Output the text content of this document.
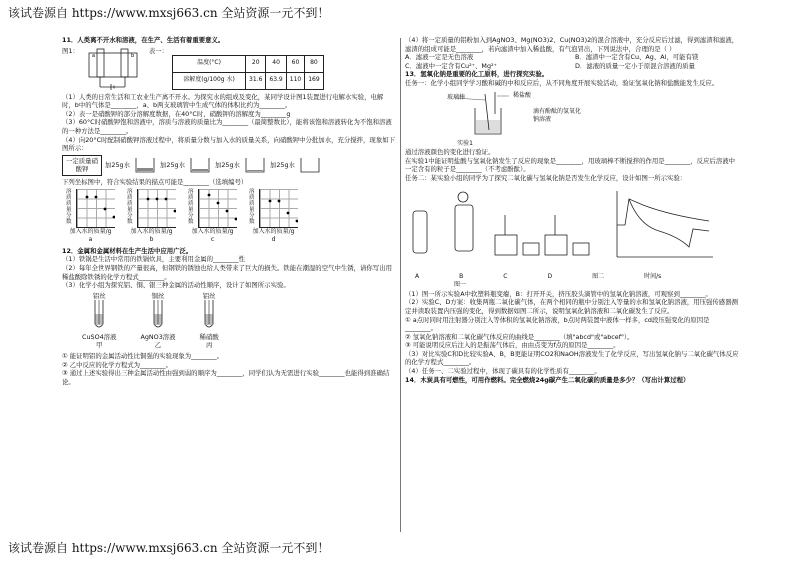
该试卷源自 https://www.mxsj663.cn 全站资源一元不到！

11．人类离不开水和溶液，在生产、生活有着重要意义。

图1：
a	b
表一：
温度(°C)	20	40	60	80
溶解度(g/100g 水)	31.6	63.9	110	169

（1）人类的日常生活和工农业生产离不开水。为探究水的组成及变化，某同学设计图1装置进行电解水实验，电解时，b中的气体是________，a、b两支玻璃管中生成气体的体积比约为________。

（2）表一是硝酸钾的部分溶解度数据，在40°C时，硝酸钾的溶解度为________g

（3）60°C时硝酸钾饱和溶液中，溶质与溶液的质量比为________（最简整数比），能将该饱和溶液转化为不饱和溶液的一种方法是________。

（4）向20°C时配制硝酸钾溶液过程中，将质量分数与加入水的质量关系，向硝酸钾中分批加水，充分搅拌，现象如下图所示：

一定质量硝酸钾
加25g水	加25g水	加25g水	加25g水

下列坐标图中，符合实验结果的描点可能是________（选填编号）

溶质质量分数
加入水的质量/g
a
溶质质量分数
加入水的质量/g
b
溶质质量分数
加入水的质量/g
c
溶质质量分数
加入水的质量/g
d

12．金属和金属材料在生产生活中应用广泛。

（1）铁锅是生活中常用的铁锅炊具，主要利用金属的________性

（2）每年全世界钢铁的产量很高，但钢铁的锈蚀也给人类带来了巨大的损失。铁能在潮湿的空气中生锈，请你写出用稀盐酸除铁锈的化学方程式________。

（3）化学小组为探究铝、铜、银三种金属的活动性顺序，设计了如图所示实验。

铝丝
CuSO4溶液
甲
铜丝
AgNO3溶液
乙
铝丝
稀硝酸
丙

① 能证明铝的金属活动性比铜强的实验现象为________。

② 乙中反应的化学方程式为________。

③ 通过上述实验得出三种金属活动性由强到弱的顺序为________，同学们认为无需进行实验________也能得到准确结论。

（4）将一定质量的铝粉加入到AgNO3、Mg(NO3)2、Cu(NO3)2的混合溶液中，充分反应后过滤，得到滤渣和滤液，滤渣的组成可能是________，若向滤渣中加入稀盐酸，有气泡冒出，下列说法中，合理的是（ ）

A．滤液一定是无色溶液	B．滤渣中一定含有Cu、Ag、Al，可能有镁
C．滤液中一定含有Cu²⁺、Mg²⁺	D．滤液的质量一定小于原混合溶液的质量

13．氢氧化钠是重要的化工原料，进行探究实验。

任务一：化学小组同学学习酸和碱的中和反应后，从不同角度开展实验活动，验证氢氧化钠和盐酸能发生反应。

玻璃棒	稀盐酸
滴有酚酞的氢氧化钠溶液
实验1

通过溶液颜色的变化进行验证。

在实验1中能证明盐酸与氢氧化钠发生了反应的现象是________，用玻璃棒不断搅拌的作用是________，反应后溶液中一定含有的粒子是________（不考虑酚酞）。

任务二：某实验小组的同学为了探究二氧化碳与氢氧化钠是否发生化学反应，设计如图一所示实验：

A	B	C	D	图二	时间/s
图一

（1）图一所示实验A中软塑料瓶变瘪，B：打开开关，挤压胶头滴管中的氢氧化钠溶液，可观察到________。

（2）实验C、D方案：收集两瓶二氧化碳气体，在两个相同的瓶中分别注入等量的水和氢氧化钠溶液，用压强传感器测定并读取装置内压强的变化，得到数据如图二所示，说明氢氧化钠溶液和二氧化碳发生了反应。

① a点时同时用注射器分别注入等体积的氢氧化钠溶液，b点时两装置中液体一样多，cd段压强变化的原因是________。

② 氢氧化钠溶液和二氧化碳气体反应的曲线是________（填"abcd"或"abcef"）。

③ 可能说明反应后注入的是振荡气体后，由由点变为f点的原因是________。

（3）对比实验C和D比较实验A、B，B更能证明CO2和NaOH溶液发生了化学反应，写出氢氧化钠与二氧化碳气体反应的化学方程式________。

（4）任务一、二实验过程中，体现了碳具有的化学性质有________。

14．木炭具有可燃性，可用作燃料。完全燃烧24g碳产生二氧化碳的质量是多少？（写出计算过程）

该试卷源自 https://www.mxsj663.cn 全站资源一元不到！
